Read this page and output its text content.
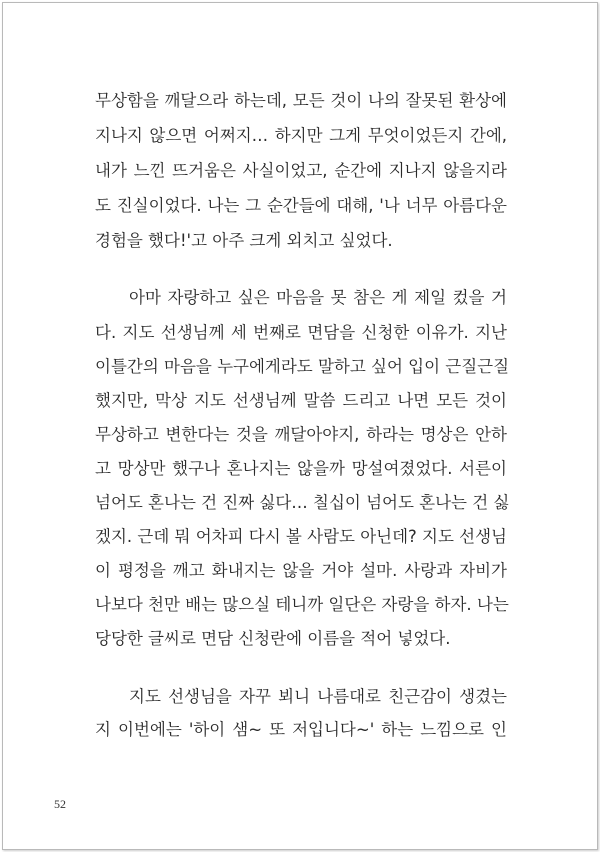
무상함을 깨달으라 하는데, 모든 것이 나의 잘못된 환상에
지나지 않으면 어쩌지… 하지만 그게 무엇이었든지 간에,
내가 느낀 뜨거움은 사실이었고, 순간에 지나지 않을지라
도 진실이었다. 나는 그 순간들에 대해, '나 너무 아름다운
경험을 했다!'고 아주 크게 외치고 싶었다.
아마 자랑하고 싶은 마음을 못 참은 게 제일 컸을 거
다. 지도 선생님께 세 번째로 면담을 신청한 이유가. 지난
이틀간의 마음을 누구에게라도 말하고 싶어 입이 근질근질
했지만, 막상 지도 선생님께 말씀 드리고 나면 모든 것이
무상하고 변한다는 것을 깨달아야지, 하라는 명상은 안하
고 망상만 했구나 혼나지는 않을까 망설여졌었다. 서른이
넘어도 혼나는 건 진짜 싫다… 칠십이 넘어도 혼나는 건 싫
겠지. 근데 뭐 어차피 다시 볼 사람도 아닌데? 지도 선생님
이 평정을 깨고 화내지는 않을 거야 설마. 사랑과 자비가
나보다 천만 배는 많으실 테니까 일단은 자랑을 하자. 나는
당당한 글씨로 면담 신청란에 이름을 적어 넣었다.
지도 선생님을 자꾸 뵈니 나름대로 친근감이 생겼는
지 이번에는 '하이 샘~ 또 저입니다~' 하는 느낌으로 인
52
